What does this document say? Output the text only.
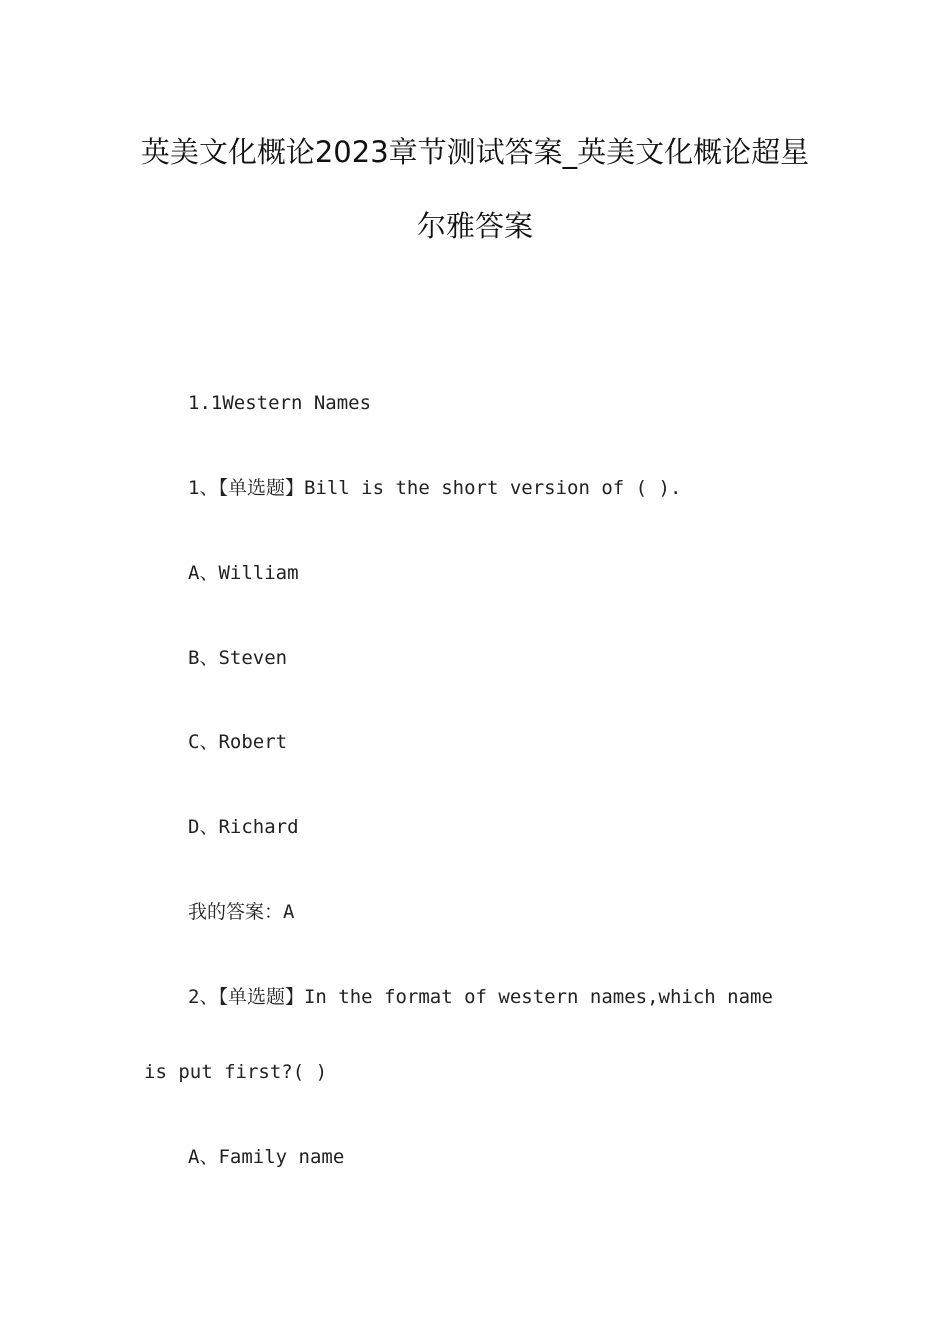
英美文化概论2023章节测试答案_英美文化概论超星
尔雅答案
1.1Western Names
1、【单选题】Bill is the short version of ( ).
A、William
B、Steven
C、Robert
D、Richard
我的答案：A
2、【单选题】In the format of western names,which name
is put first?( )
A、Family name
